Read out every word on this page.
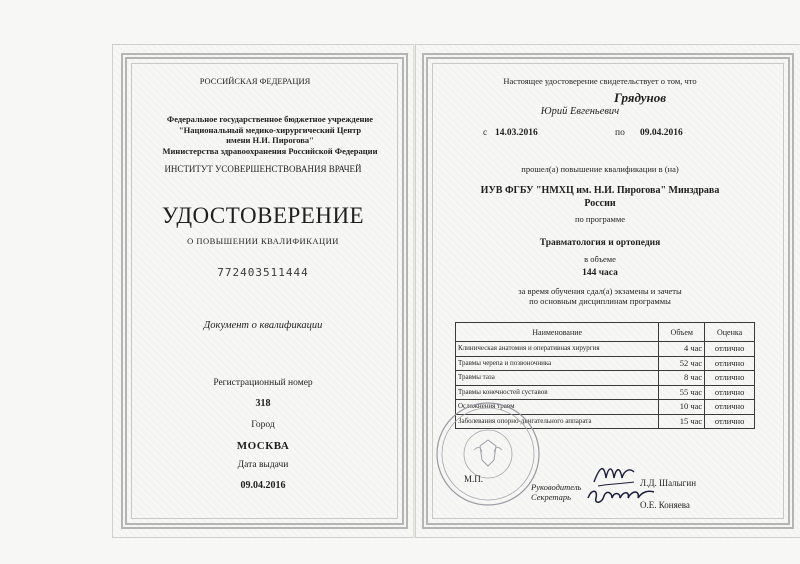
РОССИЙСКАЯ ФЕДЕРАЦИЯ
Федеральное государственное бюджетное учреждение
"Национальный медико-хирургический Центр
имени Н.И. Пирогова"
Министерства здравоохранения Российской Федерации
ИНСТИТУТ УСОВЕРШЕНСТВОВАНИЯ ВРАЧЕЙ
УДОСТОВЕРЕНИЕ
О ПОВЫШЕНИИ КВАЛИФИКАЦИИ
772403511444
Документ о квалификации
Регистрационный номер
318
Город
МОСКВА
Дата выдачи
09.04.2016
Настоящее удостоверение свидетельствует о том, что
Грядунов
Юрий Евгеньевич
с 14.03.2016	по 09.04.2016
прошел(а) повышение квалификации в (на)
ИУВ ФГБУ "НМХЦ им. Н.И. Пирогова" Минздрава
России
по программе
Травматология и ортопедия
в объеме
144 часа
за время обучения сдал(а) экзамены и зачеты
по основным дисциплинам программы
Наименование	Объем	Оценка
Клиническая анатомия и оперативная хирургия	4 час	отлично
Травмы черепа и позвоночника	52 час	отлично
Травмы таза	8 час	отлично
Травмы конечностей суставов	55 час	отлично
Осложнения травм	10 час	отлично
Заболевания опорно-двигательного аппарата	15 час	отлично
М.П.
Руководитель	Л.Д. Шалыгин
Секретарь
О.Е. Коняева
